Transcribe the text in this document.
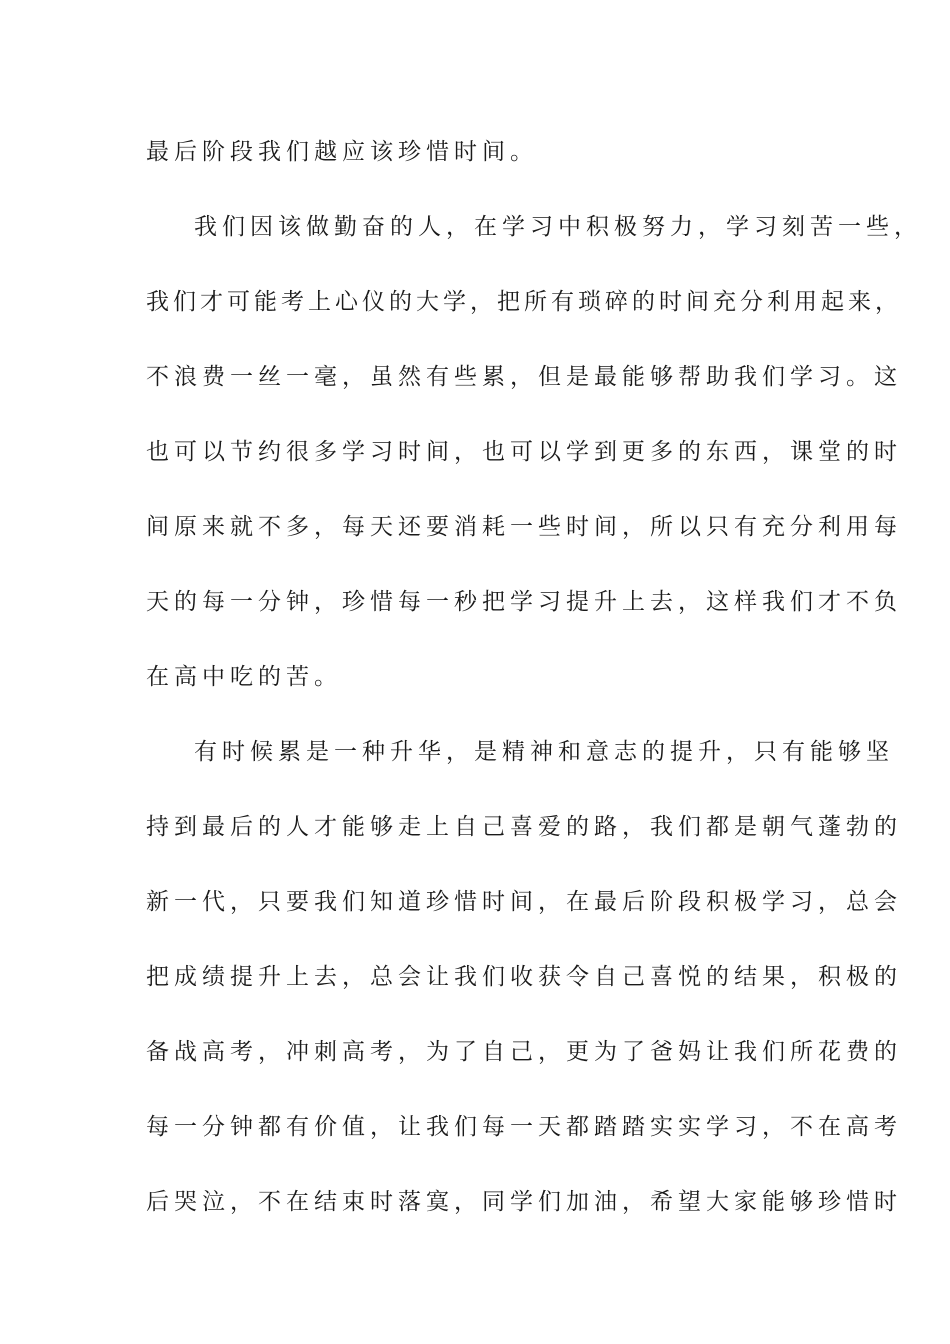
最后阶段我们越应该珍惜时间。
我们因该做勤奋的人，在学习中积极努力，学习刻苦一些，
我们才可能考上心仪的大学，把所有琐碎的时间充分利用起来，
不浪费一丝一毫，虽然有些累，但是最能够帮助我们学习。这
也可以节约很多学习时间，也可以学到更多的东西，课堂的时
间原来就不多，每天还要消耗一些时间，所以只有充分利用每
天的每一分钟，珍惜每一秒把学习提升上去，这样我们才不负
在高中吃的苦。
有时候累是一种升华，是精神和意志的提升，只有能够坚
持到最后的人才能够走上自己喜爱的路，我们都是朝气蓬勃的
新一代，只要我们知道珍惜时间，在最后阶段积极学习，总会
把成绩提升上去，总会让我们收获令自己喜悦的结果，积极的
备战高考，冲刺高考，为了自己，更为了爸妈让我们所花费的
每一分钟都有价值，让我们每一天都踏踏实实学习，不在高考
后哭泣，不在结束时落寞，同学们加油，希望大家能够珍惜时
